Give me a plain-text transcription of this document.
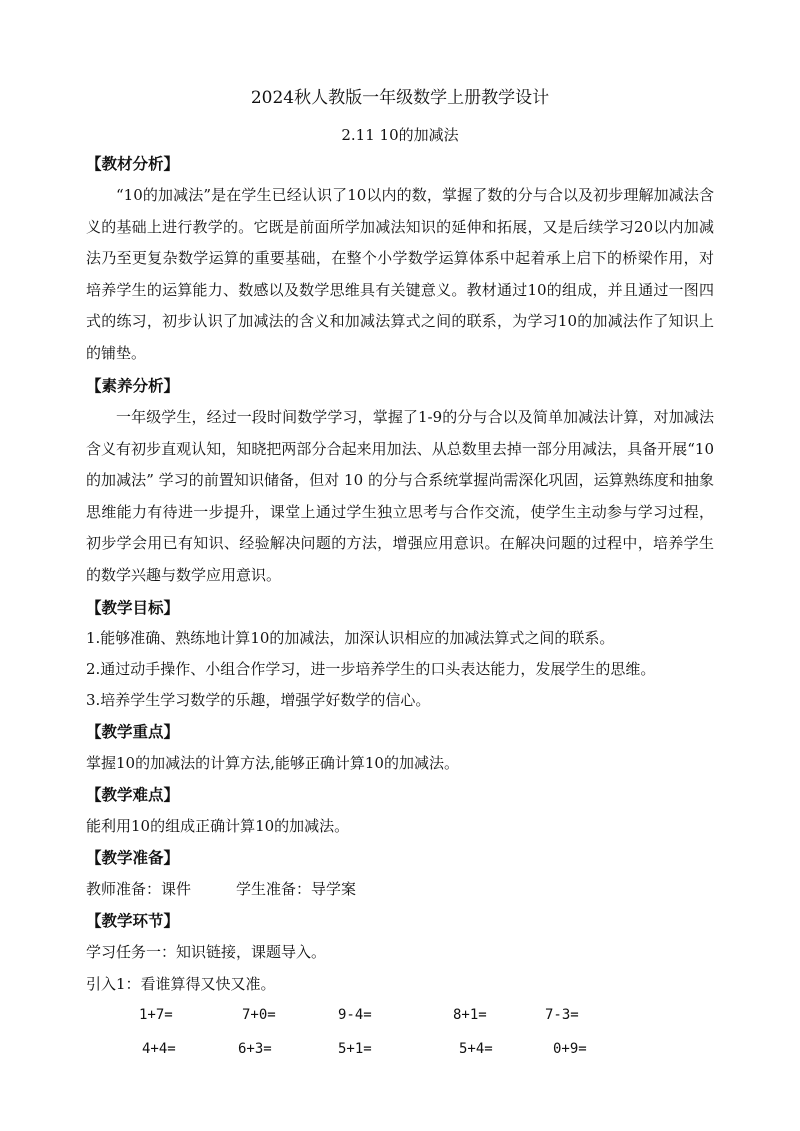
2024秋人教版一年级数学上册教学设计
2.11 10的加减法
【教材分析】
“10的加减法”是在学生已经认识了10以内的数，掌握了数的分与合以及初步理解加减法含义的基础上进行教学的。它既是前面所学加减法知识的延伸和拓展，又是后续学习20以内加减法乃至更复杂数学运算的重要基础，在整个小学数学运算体系中起着承上启下的桥梁作用，对培养学生的运算能力、数感以及数学思维具有关键意义。教材通过10的组成，并且通过一图四式的练习，初步认识了加减法的含义和加减法算式之间的联系，为学习10的加减法作了知识上的铺垫。
【素养分析】
一年级学生，经过一段时间数学学习，掌握了1-9的分与合以及简单加减法计算，对加减法含义有初步直观认知，知晓把两部分合起来用加法、从总数里去掉一部分用减法，具备开展“10的加减法” 学习的前置知识储备，但对 10 的分与合系统掌握尚需深化巩固，运算熟练度和抽象思维能力有待进一步提升，课堂上通过学生独立思考与合作交流，使学生主动参与学习过程，初步学会用已有知识、经验解决问题的方法，增强应用意识。在解决问题的过程中，培养学生的数学兴趣与数学应用意识。
【教学目标】
1.能够准确、熟练地计算10的加减法，加深认识相应的加减法算式之间的联系。
2.通过动手操作、小组合作学习，进一步培养学生的口头表达能力，发展学生的思维。
3.培养学生学习数学的乐趣，增强学好数学的信心。
【教学重点】
掌握10的加减法的计算方法,能够正确计算10的加减法。
【教学难点】
能利用10的组成正确计算10的加减法。
【教学准备】
教师准备：课件	学生准备：导学案
【教学环节】
学习任务一：知识链接，课题导入。
引入1：看谁算得又快又准。
1+7=	7+0=	9-4=	8+1=	7-3=
4+4=	6+3=	5+1=	5+4=	0+9=
